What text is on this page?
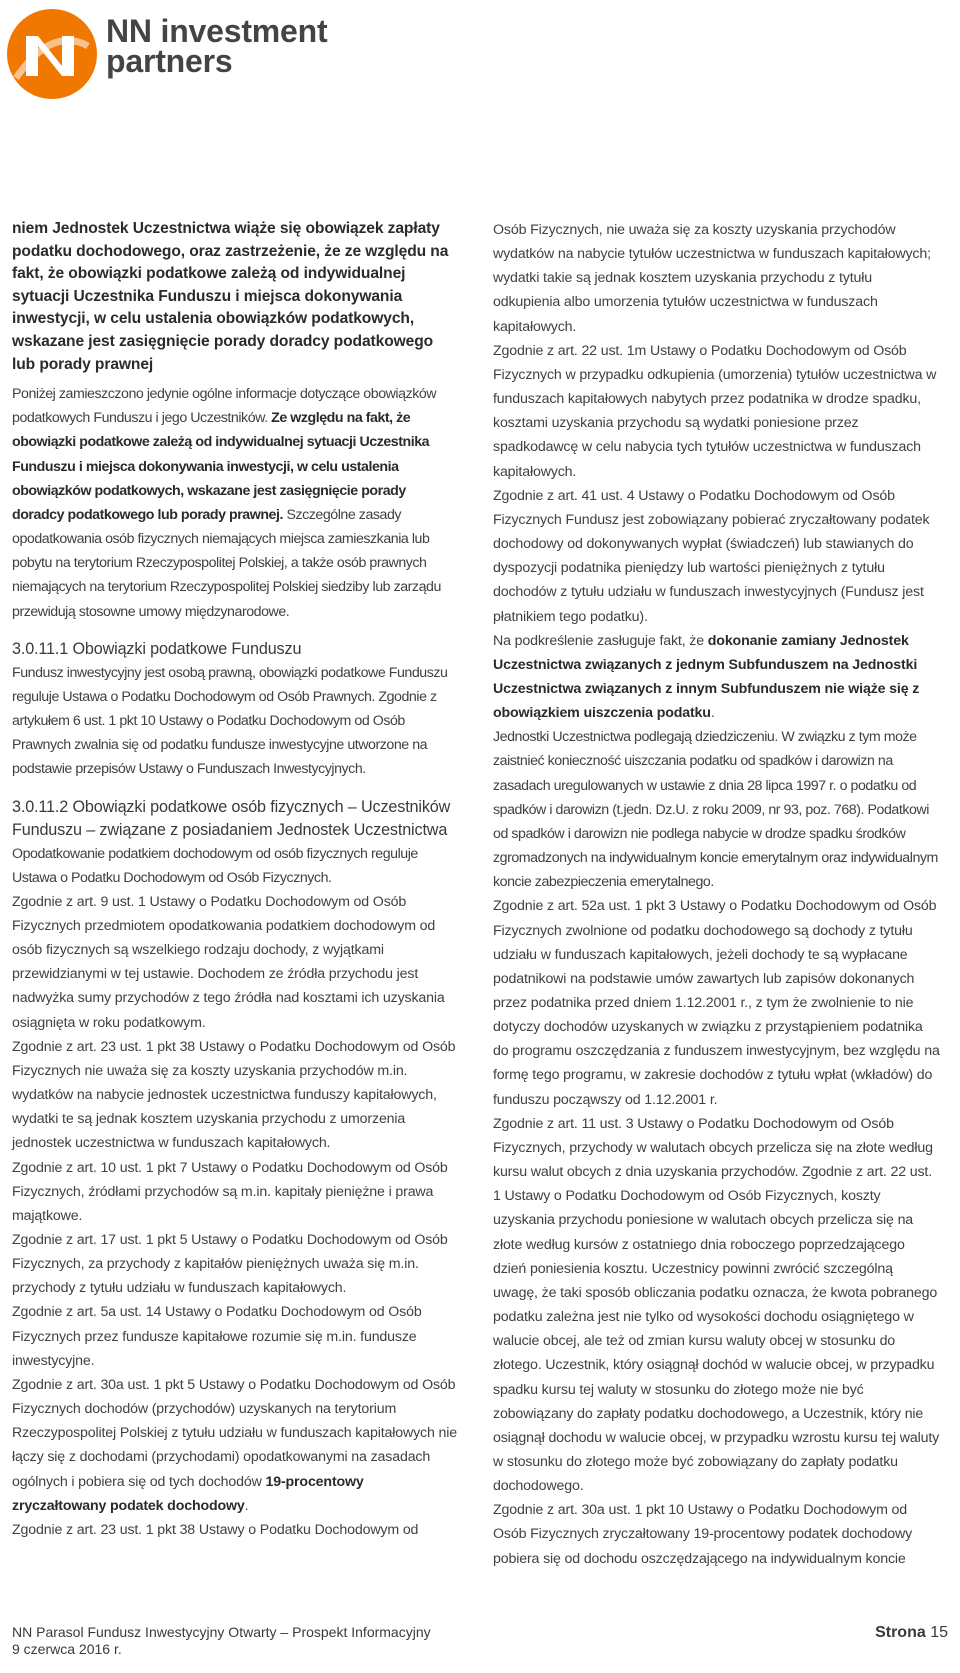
NN investment
partners

niem Jednostek Uczestnictwa wiąże się obowiązek zapłaty podatku dochodowego, oraz zastrzeżenie, że ze względu na fakt, że obowiązki podatkowe zależą od indywidualnej sytuacji Uczestnika Funduszu i miejsca dokonywania inwestycji, w celu ustalenia obowiązków podatkowych, wskazane jest zasięgnięcie porady doradcy podatkowego lub porady prawnej

Poniżej zamieszczono jedynie ogólne informacje dotyczące obowiązków podatkowych Funduszu i jego Uczestników. Ze względu na fakt, że obowiązki podatkowe zależą od indywidualnej sytuacji Uczestnika Funduszu i miejsca dokonywania inwestycji, w celu ustalenia obowiązków podatkowych, wskazane jest zasięgnięcie porady doradcy podatkowego lub porady prawnej. Szczególne zasady opodatkowania osób fizycznych niemających miejsca zamieszkania lub pobytu na terytorium Rzeczypospolitej Polskiej, a także osób prawnych niemających na terytorium Rzeczypospolitej Polskiej siedziby lub zarządu przewidują stosowne umowy międzynarodowe.

3.0.11.1 Obowiązki podatkowe Funduszu

Fundusz inwestycyjny jest osobą prawną, obowiązki podatkowe Funduszu reguluje Ustawa o Podatku Dochodowym od Osób Prawnych. Zgodnie z artykułem 6 ust. 1 pkt 10 Ustawy o Podatku Dochodowym od Osób Prawnych zwalnia się od podatku fundusze inwestycyjne utworzone na podstawie przepisów Ustawy o Funduszach Inwestycyjnych.

3.0.11.2 Obowiązki podatkowe osób fizycznych – Uczestników Funduszu – związane z posiadaniem Jednostek Uczestnictwa

Opodatkowanie podatkiem dochodowym od osób fizycznych reguluje Ustawa o Podatku Dochodowym od Osób Fizycznych.

Zgodnie z art. 9 ust. 1 Ustawy o Podatku Dochodowym od Osób Fizycznych przedmiotem opodatkowania podatkiem dochodowym od osób fizycznych są wszelkiego rodzaju dochody, z wyjątkami przewidzianymi w tej ustawie. Dochodem ze źródła przychodu jest nadwyżka sumy przychodów z tego źródła nad kosztami ich uzyskania osiągnięta w roku podatkowym.

Zgodnie z art. 23 ust. 1 pkt 38 Ustawy o Podatku Dochodowym od Osób Fizycznych nie uważa się za koszty uzyskania przychodów m.in. wydatków na nabycie jednostek uczestnictwa funduszy kapitałowych, wydatki te są jednak kosztem uzyskania przychodu z umorzenia jednostek uczestnictwa w funduszach kapitałowych.

Zgodnie z art. 10 ust. 1 pkt 7 Ustawy o Podatku Dochodowym od Osób Fizycznych, źródłami przychodów są m.in. kapitały pieniężne i prawa majątkowe.

Zgodnie z art. 17 ust. 1 pkt 5 Ustawy o Podatku Dochodowym od Osób Fizycznych, za przychody z kapitałów pieniężnych uważa się m.in. przychody z tytułu udziału w funduszach kapitałowych.

Zgodnie z art. 5a ust. 14 Ustawy o Podatku Dochodowym od Osób Fizycznych przez fundusze kapitałowe rozumie się m.in. fundusze inwestycyjne.

Zgodnie z art. 30a ust. 1 pkt 5 Ustawy o Podatku Dochodowym od Osób Fizycznych dochodów (przychodów) uzyskanych na terytorium Rzeczypospolitej Polskiej z tytułu udziału w funduszach kapitałowych nie łączy się z dochodami (przychodami) opodatkowanymi na zasadach ogólnych i pobiera się od tych dochodów 19-procentowy zryczałtowany podatek dochodowy.

Zgodnie z art. 23 ust. 1 pkt 38 Ustawy o Podatku Dochodowym od

Osób Fizycznych, nie uważa się za koszty uzyskania przychodów wydatków na nabycie tytułów uczestnictwa w funduszach kapitałowych; wydatki takie są jednak kosztem uzyskania przychodu z tytułu odkupienia albo umorzenia tytułów uczestnictwa w funduszach kapitałowych.

Zgodnie z art. 22 ust. 1m Ustawy o Podatku Dochodowym od Osób Fizycznych w przypadku odkupienia (umorzenia) tytułów uczestnictwa w funduszach kapitałowych nabytych przez podatnika w drodze spadku, kosztami uzyskania przychodu są wydatki poniesione przez spadkodawcę w celu nabycia tych tytułów uczestnictwa w funduszach kapitałowych.

Zgodnie z art. 41 ust. 4 Ustawy o Podatku Dochodowym od Osób Fizycznych Fundusz jest zobowiązany pobierać zryczałtowany podatek dochodowy od dokonywanych wypłat (świadczeń) lub stawianych do dyspozycji podatnika pieniędzy lub wartości pieniężnych z tytułu dochodów z tytułu udziału w funduszach inwestycyjnych (Fundusz jest płatnikiem tego podatku).

Na podkreślenie zasługuje fakt, że dokonanie zamiany Jednostek Uczestnictwa związanych z jednym Subfunduszem na Jednostki Uczestnictwa związanych z innym Subfunduszem nie wiąże się z obowiązkiem uiszczenia podatku.

Jednostki Uczestnictwa podlegają dziedziczeniu. W związku z tym może zaistnieć konieczność uiszczania podatku od spadków i darowizn na zasadach uregulowanych w ustawie z dnia 28 lipca 1997 r. o podatku od spadków i darowizn (t.jedn. Dz.U. z roku 2009, nr 93, poz. 768). Podatkowi od spadków i darowizn nie podlega nabycie w drodze spadku środków zgromadzonych na indywidualnym koncie emerytalnym oraz indywidualnym koncie zabezpieczenia emerytalnego.

Zgodnie z art. 52a ust. 1 pkt 3 Ustawy o Podatku Dochodowym od Osób Fizycznych zwolnione od podatku dochodowego są dochody z tytułu udziału w funduszach kapitałowych, jeżeli dochody te są wypłacane podatnikowi na podstawie umów zawartych lub zapisów dokonanych przez podatnika przed dniem 1.12.2001 r., z tym że zwolnienie to nie dotyczy dochodów uzyskanych w związku z przystąpieniem podatnika do programu oszczędzania z funduszem inwestycyjnym, bez względu na formę tego programu, w zakresie dochodów z tytułu wpłat (wkładów) do funduszu począwszy od 1.12.2001 r.

Zgodnie z art. 11 ust. 3 Ustawy o Podatku Dochodowym od Osób Fizycznych, przychody w walutach obcych przelicza się na złote według kursu walut obcych z dnia uzyskania przychodów. Zgodnie z art. 22 ust. 1 Ustawy o Podatku Dochodowym od Osób Fizycznych, koszty uzyskania przychodu poniesione w walutach obcych przelicza się na złote według kursów z ostatniego dnia roboczego poprzedzającego dzień poniesienia kosztu. Uczestnicy powinni zwrócić szczególną uwagę, że taki sposób obliczania podatku oznacza, że kwota pobranego podatku zależna jest nie tylko od wysokości dochodu osiągniętego w walucie obcej, ale też od zmian kursu waluty obcej w stosunku do złotego. Uczestnik, który osiągnął dochód w walucie obcej, w przypadku spadku kursu tej waluty w stosunku do złotego może nie być zobowiązany do zapłaty podatku dochodowego, a Uczestnik, który nie osiągnął dochodu w walucie obcej, w przypadku wzrostu kursu tej waluty w stosunku do złotego może być zobowiązany do zapłaty podatku dochodowego.

Zgodnie z art. 30a ust. 1 pkt 10 Ustawy o Podatku Dochodowym od Osób Fizycznych zryczałtowany 19-procentowy podatek dochodowy pobiera się od dochodu oszczędzającego na indywidualnym koncie

NN Parasol Fundusz Inwestycyjny Otwarty – Prospekt Informacyjny
9 czerwca 2016 r.
Strona 15
